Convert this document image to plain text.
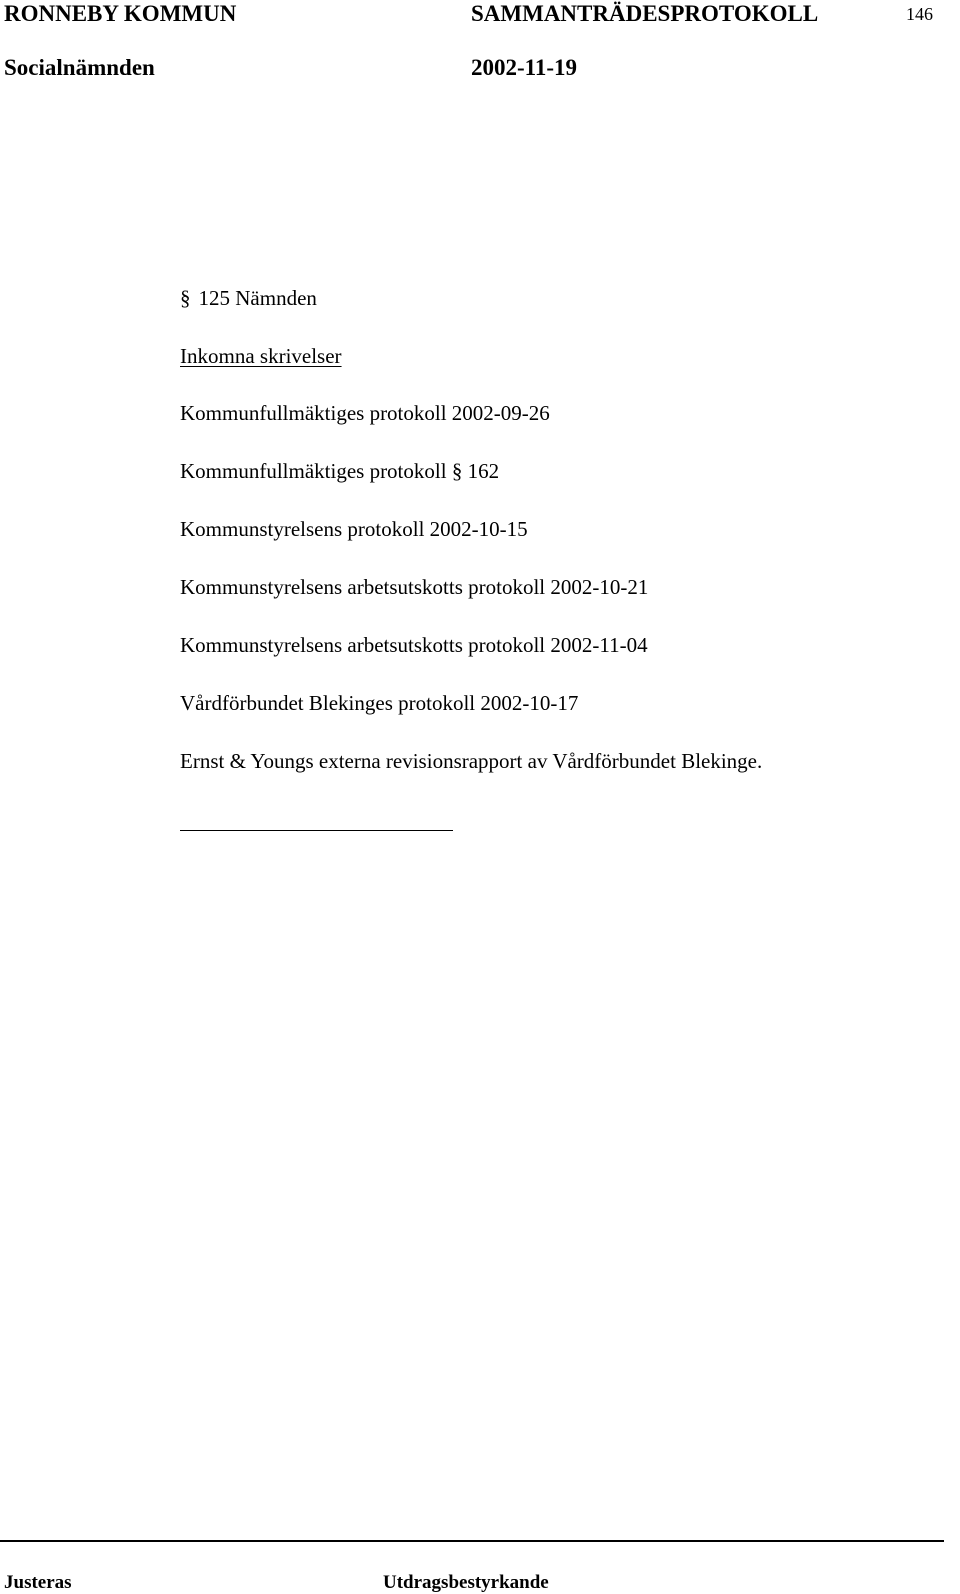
RONNEBY KOMMUN	SAMMANTRÄDESPROTOKOLL	146
Socialnämnden	2002-11-19
§ 125 Nämnden
Inkomna skrivelser
Kommunfullmäktiges protokoll 2002-09-26
Kommunfullmäktiges protokoll § 162
Kommunstyrelsens protokoll 2002-10-15
Kommunstyrelsens arbetsutskotts protokoll 2002-10-21
Kommunstyrelsens arbetsutskotts protokoll 2002-11-04
Vårdförbundet Blekinges protokoll 2002-10-17
Ernst & Youngs externa revisionsrapport av Vårdförbundet Blekinge.
Justeras	Utdragsbestyrkande
